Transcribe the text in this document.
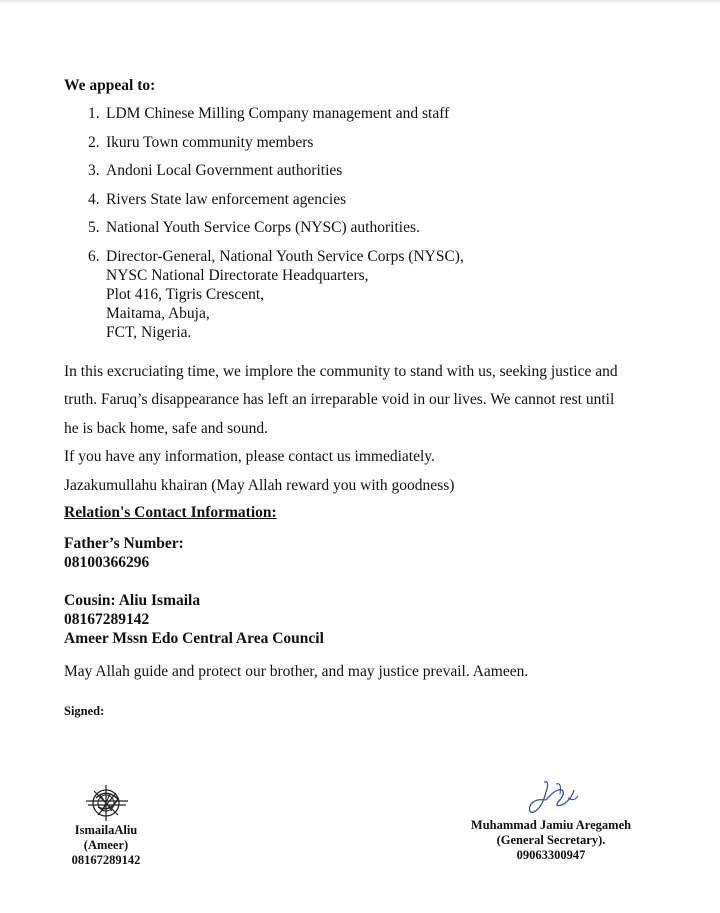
We appeal to:
1. LDM Chinese Milling Company management and staff
2. Ikuru Town community members
3. Andoni Local Government authorities
4. Rivers State law enforcement agencies
5. National Youth Service Corps (NYSC) authorities.
6. Director-General, National Youth Service Corps (NYSC),
NYSC National Directorate Headquarters,
Plot 416, Tigris Crescent,
Maitama, Abuja,
FCT, Nigeria.
In this excruciating time, we implore the community to stand with us, seeking justice and
truth. Faruq’s disappearance has left an irreparable void in our lives. We cannot rest until
he is back home, safe and sound.
If you have any information, please contact us immediately.
Jazakumullahu khairan (May Allah reward you with goodness)
Relation's Contact Information:
Father’s Number:
08100366296
Cousin: Aliu Ismaila
08167289142
Ameer Mssn Edo Central Area Council
May Allah guide and protect our brother, and may justice prevail. Aameen.
Signed:
IsmailaAliu
(Ameer)
08167289142
Muhammad Jamiu Aregameh
(General Secretary).
09063300947
